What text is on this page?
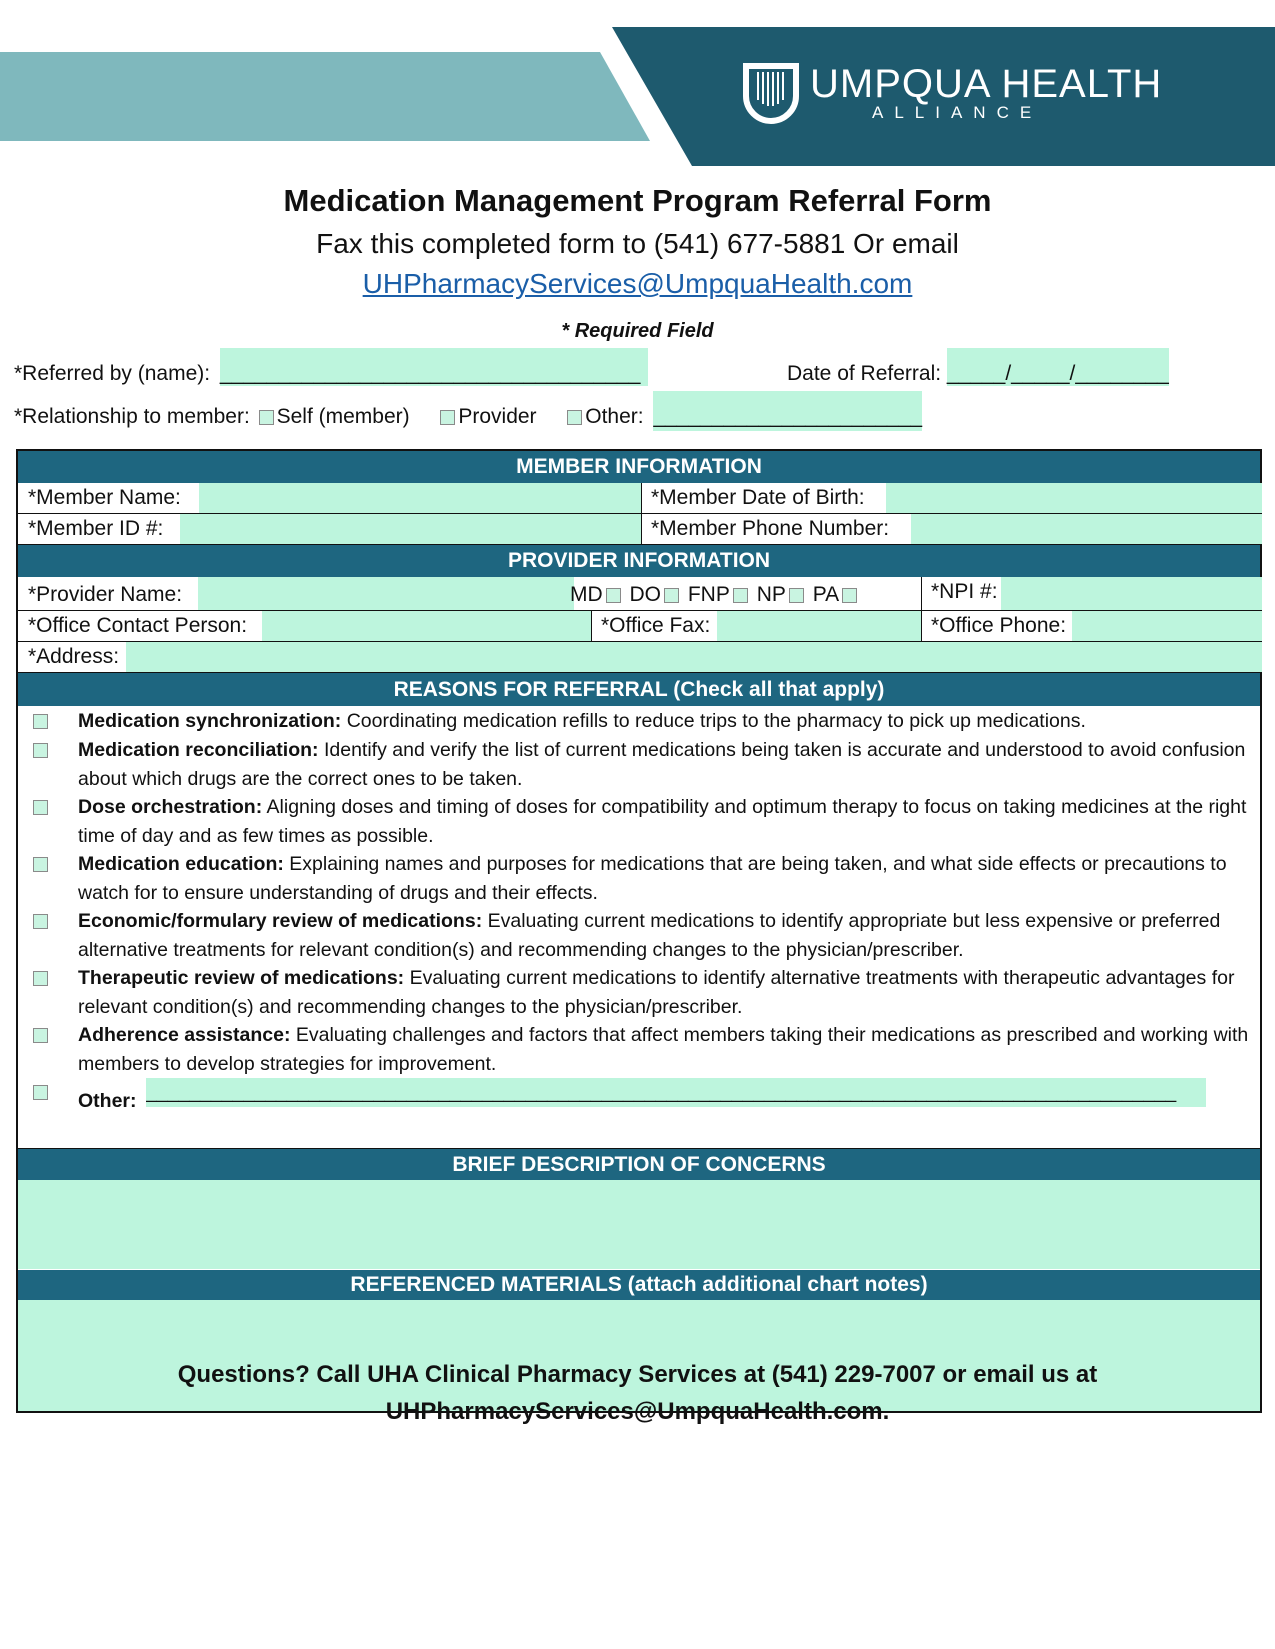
UMPQUA HEALTH
ALLIANCE
Medication Management Program Referral Form
Fax this completed form to (541) 677-5881 Or email
UHPharmacyServices@UmpquaHealth.com
* Required Field
*Referred by (name): ____________________________________	Date of Referral: _____/_____/________
*Relationship to member: Self (member) Provider Other: _______________________
MEMBER INFORMATION
*Member Name:	*Member Date of Birth:
*Member ID #:	*Member Phone Number:
PROVIDER INFORMATION
*Provider Name:	MD DO FNP NP PA	*NPI #:
*Office Contact Person:	*Office Fax:	*Office Phone:
*Address:
REASONS FOR REFERRAL (Check all that apply)
Medication synchronization: Coordinating medication refills to reduce trips to the pharmacy to pick up medications.
Medication reconciliation: Identify and verify the list of current medications being taken is accurate and understood to avoid confusion about which drugs are the correct ones to be taken.
Dose orchestration: Aligning doses and timing of doses for compatibility and optimum therapy to focus on taking medicines at the right time of day and as few times as possible.
Medication education: Explaining names and purposes for medications that are being taken, and what side effects or precautions to watch for to ensure understanding of drugs and their effects.
Economic/formulary review of medications: Evaluating current medications to identify appropriate but less expensive or preferred alternative treatments for relevant condition(s) and recommending changes to the physician/prescriber.
Therapeutic review of medications: Evaluating current medications to identify alternative treatments with therapeutic advantages for relevant condition(s) and recommending changes to the physician/prescriber.
Adherence assistance: Evaluating challenges and factors that affect members taking their medications as prescribed and working with members to develop strategies for improvement.
Other: _______________________________________________________________________________________________
BRIEF DESCRIPTION OF CONCERNS
REFERENCED MATERIALS (attach additional chart notes)
Questions? Call UHA Clinical Pharmacy Services at (541) 229-7007 or email us at
UHPharmacyServices@UmpquaHealth.com.
